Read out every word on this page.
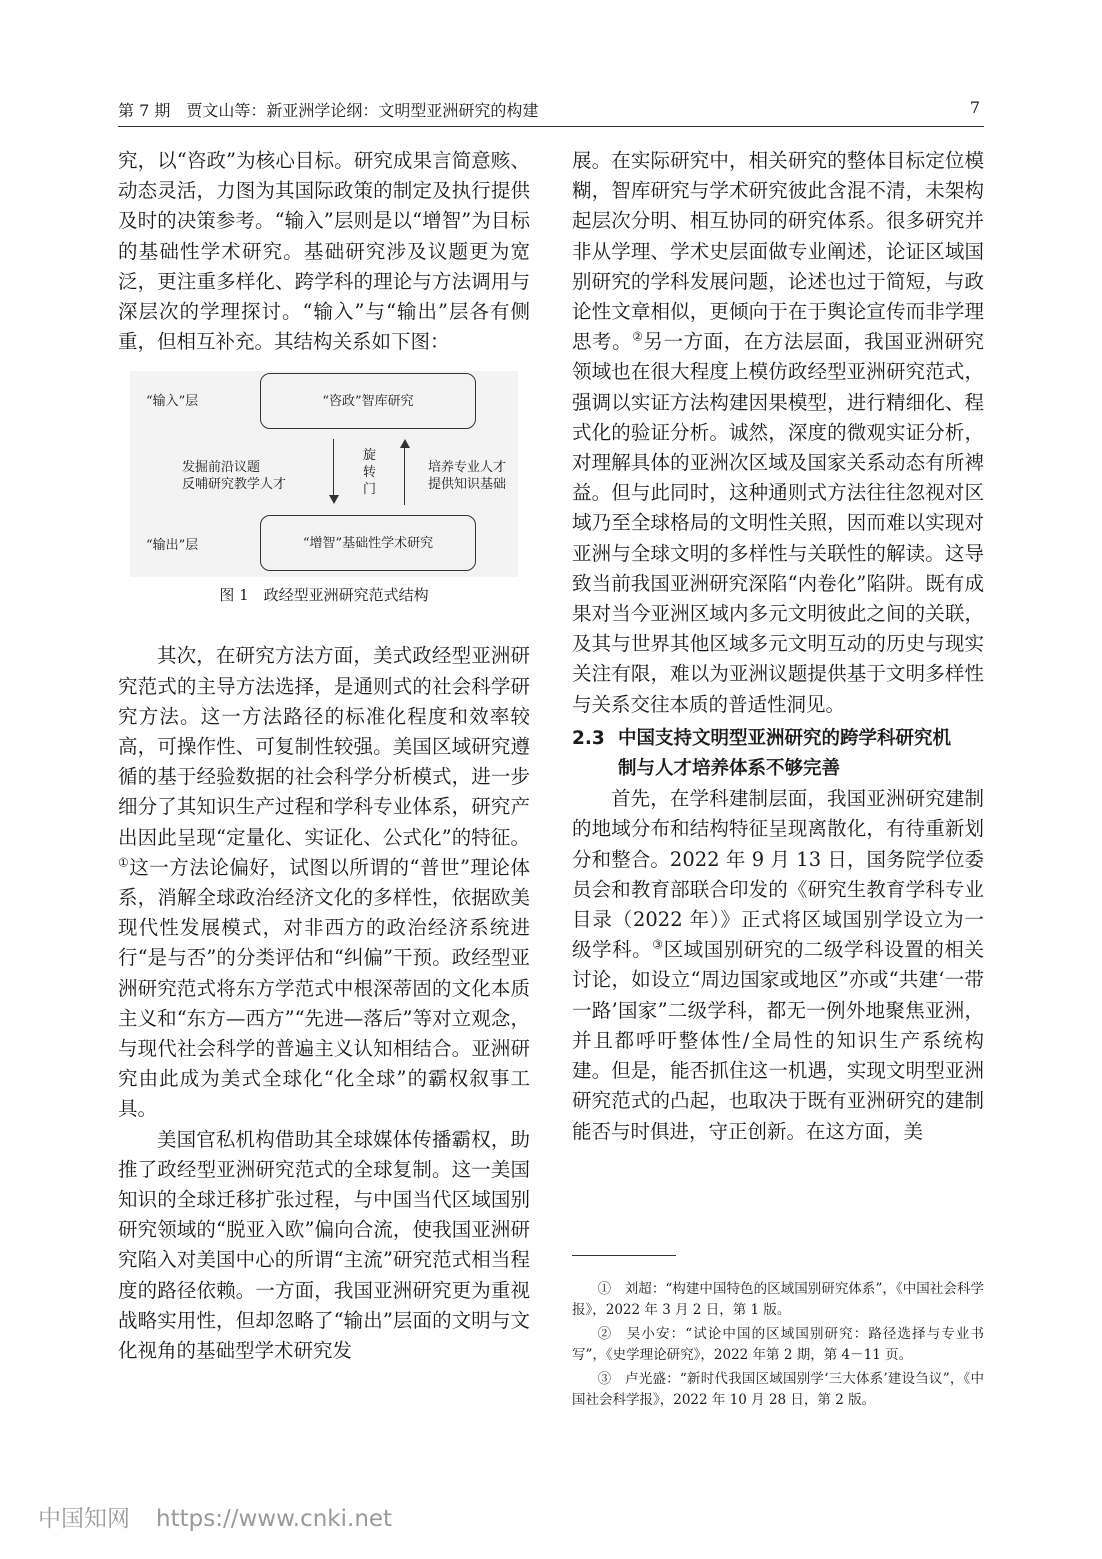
第 7 期　贾文山等：新亚洲学论纲：文明型亚洲研究的构建	7

究，以“咨政”为核心目标。研究成果言简意赅、动态灵活，力图为其国际政策的制定及执行提供及时的决策参考。“输入”层则是以“增智”为目标的基础性学术研究。基础研究涉及议题更为宽泛，更注重多样化、跨学科的理论与方法调用与深层次的学理探讨。“输入”与“输出”层各有侧重，但相互补充。其结构关系如下图：

“输入”层	“咨政”智库研究
发掘前沿议题
反哺研究教学人才
旋
转
门
培养专业人才
提供知识基础
“输出”层	“增智”基础性学术研究
图 1　政经型亚洲研究范式结构

其次，在研究方法方面，美式政经型亚洲研究范式的主导方法选择，是通则式的社会科学研究方法。这一方法路径的标准化程度和效率较高，可操作性、可复制性较强。美国区域研究遵循的基于经验数据的社会科学分析模式，进一步细分了其知识生产过程和学科专业体系，研究产出因此呈现“定量化、实证化、公式化”的特征。①这一方法论偏好，试图以所谓的“普世”理论体系，消解全球政治经济文化的多样性，依据欧美现代性发展模式，对非西方的政治经济系统进行“是与否”的分类评估和“纠偏”干预。政经型亚洲研究范式将东方学范式中根深蒂固的文化本质主义和“东方—西方”“先进—落后”等对立观念，与现代社会科学的普遍主义认知相结合。亚洲研究由此成为美式全球化“化全球”的霸权叙事工具。

美国官私机构借助其全球媒体传播霸权，助推了政经型亚洲研究范式的全球复制。这一美国知识的全球迁移扩张过程，与中国当代区域国别研究领域的“脱亚入欧”偏向合流，使我国亚洲研究陷入对美国中心的所谓“主流”研究范式相当程度的路径依赖。一方面，我国亚洲研究更为重视战略实用性，但却忽略了“输出”层面的文明与文化视角的基础型学术研究发

展。在实际研究中，相关研究的整体目标定位模糊，智库研究与学术研究彼此含混不清，未架构起层次分明、相互协同的研究体系。很多研究并非从学理、学术史层面做专业阐述，论证区域国别研究的学科发展问题，论述也过于简短，与政论性文章相似，更倾向于在于舆论宣传而非学理思考。②另一方面，在方法层面，我国亚洲研究领域也在很大程度上模仿政经型亚洲研究范式，强调以实证方法构建因果模型，进行精细化、程式化的验证分析。诚然，深度的微观实证分析，对理解具体的亚洲次区域及国家关系动态有所裨益。但与此同时，这种通则式方法往往忽视对区域乃至全球格局的文明性关照，因而难以实现对亚洲与全球文明的多样性与关联性的解读。这导致当前我国亚洲研究深陷“内卷化”陷阱。既有成果对当今亚洲区域内多元文明彼此之间的关联，及其与世界其他区域多元文明互动的历史与现实关注有限，难以为亚洲议题提供基于文明多样性与关系交往本质的普适性洞见。

2.3 中国支持文明型亚洲研究的跨学科研究机
制与人才培养体系不够完善

首先，在学科建制层面，我国亚洲研究建制的地域分布和结构特征呈现离散化，有待重新划分和整合。2022 年 9 月 13 日，国务院学位委员会和教育部联合印发的《研究生教育学科专业目录（2022 年）》正式将区域国别学设立为一级学科。③区域国别研究的二级学科设置的相关讨论，如设立“周边国家或地区”亦或“共建‘一带一路’国家”二级学科，都无一例外地聚焦亚洲，并且都呼吁整体性/全局性的知识生产系统构建。但是，能否抓住这一机遇，实现文明型亚洲研究范式的凸起，也取决于既有亚洲研究的建制能否与时俱进，守正创新。在这方面，美

①　刘超：“构建中国特色的区域国别研究体系”，《中国社会科学报》，2022 年 3 月 2 日，第 1 版。

②　吴小安：“试论中国的区域国别研究：路径选择与专业书写”，《史学理论研究》，2022 年第 2 期，第 4－11 页。

③　卢光盛：“新时代我国区域国别学‘三大体系’建设刍议”，《中国社会科学报》，2022 年 10 月 28 日，第 2 版。

中国知网 https://www.cnki.net
